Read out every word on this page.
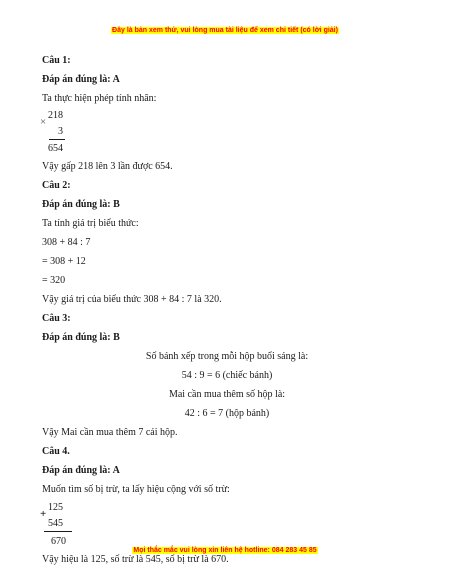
Đây là bản xem thử, vui lòng mua tài liệu để xem chi tiết (có lời giải)
Câu 1:
Đáp án đúng là: A
Ta thực hiện phép tính nhân:
218
×
3
654
Vậy gấp 218 lên 3 lần được 654.
Câu 2:
Đáp án đúng là: B
Ta tính giá trị biểu thức:
308 + 84 : 7
= 308 + 12
= 320
Vậy giá trị của biểu thức 308 + 84 : 7 là 320.
Câu 3:
Đáp án đúng là: B
Số bánh xếp trong mỗi hộp buổi sáng là:
54 : 9 = 6 (chiếc bánh)
Mai cần mua thêm số hộp là:
42 : 6 = 7 (hộp bánh)
Vậy Mai cần mua thêm 7 cái hộp.
Câu 4.
Đáp án đúng là: A
Muốn tìm số bị trừ, ta lấy hiệu cộng với số trừ:
125
+
545
670
Vậy hiệu là 125, số trừ là 545, số bị trừ là 670.
Mọi thắc mắc vui lòng xin liên hệ hotline: 084 283 45 85
